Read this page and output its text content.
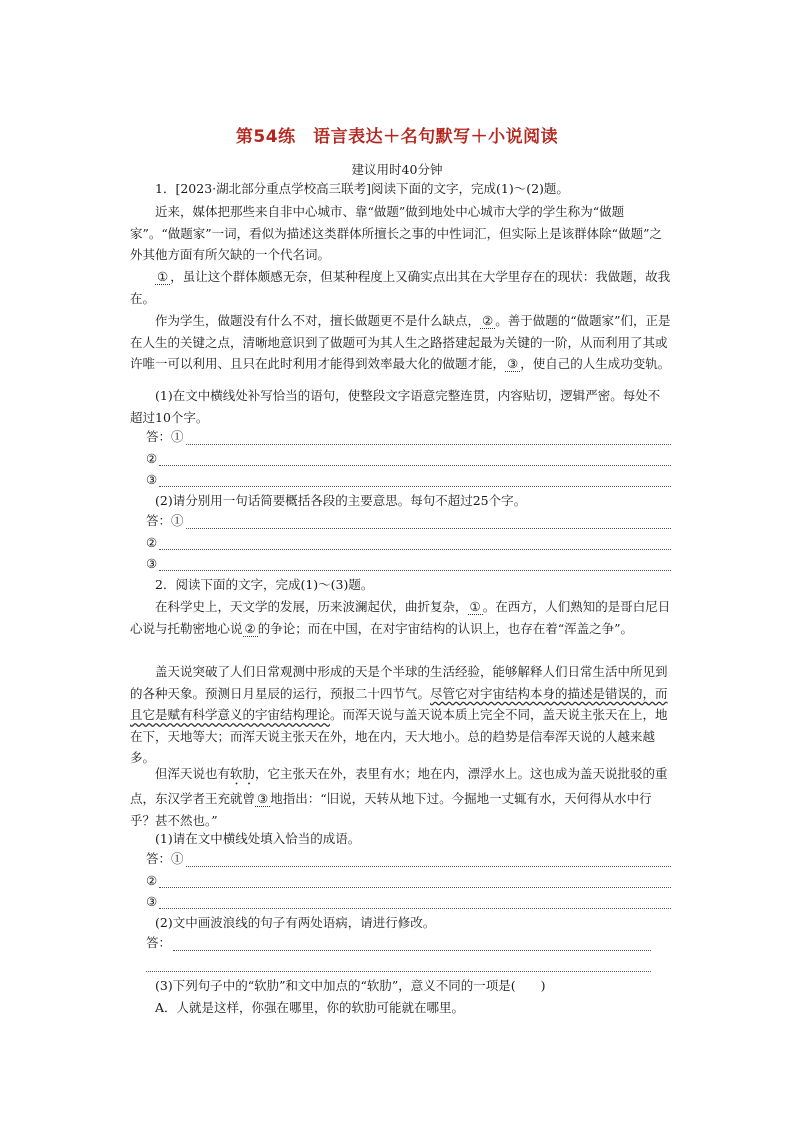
第54练　语言表达＋名句默写＋小说阅读
建议用时40分钟
1．[2023·湖北部分重点学校高三联考]阅读下面的文字，完成(1)～(2)题。
近来，媒体把那些来自非中心城市、靠“做题”做到地处中心城市大学的学生称为“做题家”。“做题家”一词，看似为描述这类群体所擅长之事的中性词汇，但实际上是该群体除“做题”之外其他方面有所欠缺的一个代名词。
① ，虽让这个群体颇感无奈，但某种程度上又确实点出其在大学里存在的现状：我做题，故我在。
作为学生，做题没有什么不对，擅长做题更不是什么缺点， ② 。善于做题的“做题家”们，正是在人生的关键之点，清晰地意识到了做题可为其人生之路搭建起最为关键的一阶，从而利用了其或许唯一可以利用、且只在此时利用才能得到效率最大化的做题才能， ③ ，使自己的人生成功变轨。
(1)在文中横线处补写恰当的语句，使整段文字语意完整连贯，内容贴切，逻辑严密。每处不超过10个字。
答：①
②
③
(2)请分别用一句话简要概括各段的主要意思。每句不超过25个字。
答：①
②
③
2．阅读下面的文字，完成(1)～(3)题。
在科学史上，天文学的发展，历来波澜起伏，曲折复杂， ① 。在西方，人们熟知的是哥白尼日心说与托勒密地心说 ② 的争论；而在中国，在对宇宙结构的认识上，也存在着“浑盖之争”。
盖天说突破了人们日常观测中形成的天是个半球的生活经验，能够解释人们日常生活中所见到的各种天象。预测日月星辰的运行，预报二十四节气。尽管它对宇宙结构本身的描述是错误的，而且它是赋有科学意义的宇宙结构理论。而浑天说与盖天说本质上完全不同，盖天说主张天在上，地在下，天地等大；而浑天说主张天在外，地在内，天大地小。总的趋势是信奉浑天说的人越来越多。
但浑天说也有软肋，它主张天在外，表里有水；地在内，漂浮水上。这也成为盖天说批驳的重点，东汉学者王充就曾 ③ 地指出：“旧说，天转从地下过。今掘地一丈辄有水，天何得从水中行乎？甚不然也。”
(1)请在文中横线处填入恰当的成语。
答：①
②
③
(2)文中画波浪线的句子有两处语病，请进行修改。
答：
(3)下列句子中的“软肋”和文中加点的“软肋”，意义不同的一项是(　　)
A．人就是这样，你强在哪里，你的软肋可能就在哪里。
